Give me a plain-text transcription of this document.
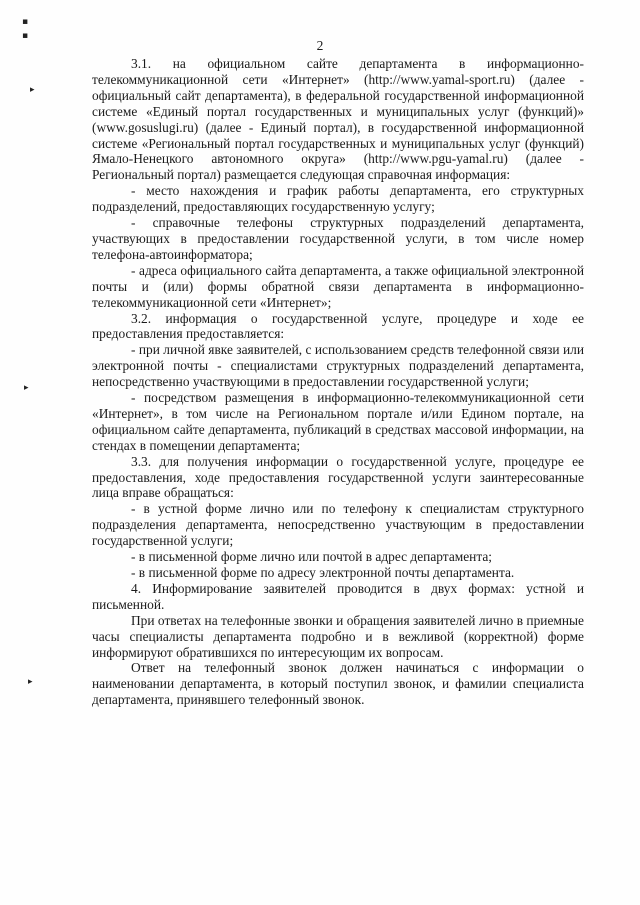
▪
▪
▸
▸
▸
2

3.1. на официальном сайте департамента в информационно-телекоммуникационной сети «Интернет» (http://www.yamal-sport.ru) (далее - официальный сайт департамента), в федеральной государственной информационной системе «Единый портал государственных и муниципальных услуг (функций)» (www.gosuslugi.ru) (далее - Единый портал), в государственной информационной системе «Региональный портал государственных и муниципальных услуг (функций) Ямало-Ненецкого автономного округа» (http://www.pgu-yamal.ru) (далее - Региональный портал) размещается следующая справочная информация:

- место нахождения и график работы департамента, его структурных подразделений, предоставляющих государственную услугу;

- справочные телефоны структурных подразделений департамента, участвующих в предоставлении государственной услуги, в том числе номер телефона-автоинформатора;

- адреса официального сайта департамента, а также официальной электронной почты и (или) формы обратной связи департамента в информационно-телекоммуникационной сети «Интернет»;

3.2. информация о государственной услуге, процедуре и ходе ее предоставления предоставляется:

- при личной явке заявителей, с использованием средств телефонной связи или электронной почты - специалистами структурных подразделений департамента, непосредственно участвующими в предоставлении государственной услуги;

- посредством размещения в информационно-телекоммуникационной сети «Интернет», в том числе на Региональном портале и/или Едином портале, на официальном сайте департамента, публикаций в средствах массовой информации, на стендах в помещении департамента;

3.3. для получения информации о государственной услуге, процедуре ее предоставления, ходе предоставления государственной услуги заинтересованные лица вправе обращаться:

- в устной форме лично или по телефону к специалистам структурного подразделения департамента, непосредственно участвующим в предоставлении государственной услуги;

- в письменной форме лично или почтой в адрес департамента;

- в письменной форме по адресу электронной почты департамента.

4. Информирование заявителей проводится в двух формах: устной и письменной.

При ответах на телефонные звонки и обращения заявителей лично в приемные часы специалисты департамента подробно и в вежливой (корректной) форме информируют обратившихся по интересующим их вопросам.

Ответ на телефонный звонок должен начинаться с информации о наименовании департамента, в который поступил звонок, и фамилии специалиста департамента, принявшего телефонный звонок.
